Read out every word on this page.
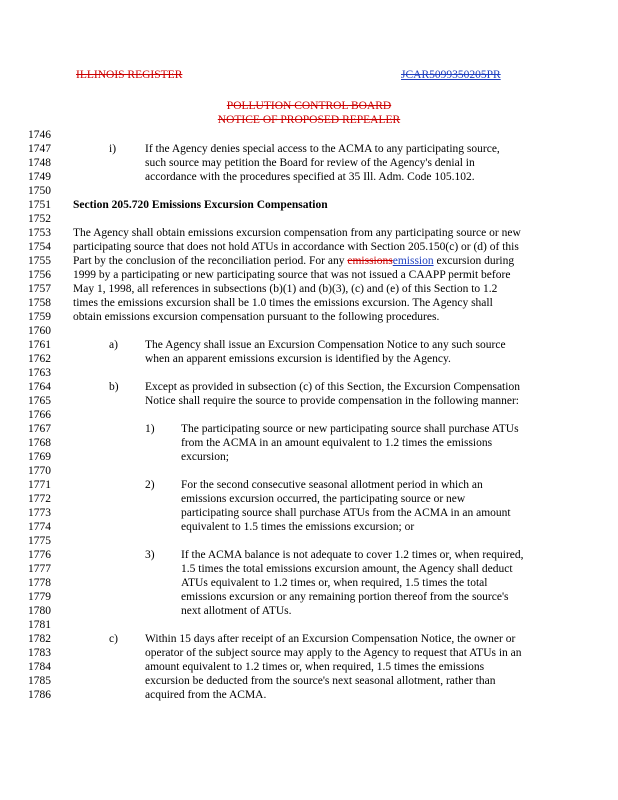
ILLINOIS REGISTER	JCAR5099350205PR
POLLUTION CONTROL BOARD
NOTICE OF PROPOSED REPEALER
1746
1747
1748
1749
1750
1751
1752
1753
1754
1755
1756
1757
1758
1759
1760
1761
1762
1763
1764
1765
1766
1767
1768
1769
1770
1771
1772
1773
1774
1775
1776
1777
1778
1779
1780
1781
1782
1783
1784
1785
1786
i)	If the Agency denies special access to the ACMA to any participating source,
such source may petition the Board for review of the Agency's denial in
accordance with the procedures specified at 35 Ill. Adm. Code 105.102.
Section 205.720 Emissions Excursion Compensation
The Agency shall obtain emissions excursion compensation from any participating source or new
participating source that does not hold ATUs in accordance with Section 205.150(c) or (d) of this
Part by the conclusion of the reconciliation period. For any emissionsemission excursion during
1999 by a participating or new participating source that was not issued a CAAPP permit before
May 1, 1998, all references in subsections (b)(1) and (b)(3), (c) and (e) of this Section to 1.2
times the emissions excursion shall be 1.0 times the emissions excursion. The Agency shall
obtain emissions excursion compensation pursuant to the following procedures.
a) The Agency shall issue an Excursion Compensation Notice to any such source
when an apparent emissions excursion is identified by the Agency.
b) Except as provided in subsection (c) of this Section, the Excursion Compensation
Notice shall require the source to provide compensation in the following manner:
1) The participating source or new participating source shall purchase ATUs
from the ACMA in an amount equivalent to 1.2 times the emissions
excursion;
2) For the second consecutive seasonal allotment period in which an
emissions excursion occurred, the participating source or new
participating source shall purchase ATUs from the ACMA in an amount
equivalent to 1.5 times the emissions excursion; or
3) If the ACMA balance is not adequate to cover 1.2 times or, when required,
1.5 times the total emissions excursion amount, the Agency shall deduct
ATUs equivalent to 1.2 times or, when required, 1.5 times the total
emissions excursion or any remaining portion thereof from the source's
next allotment of ATUs.
c) Within 15 days after receipt of an Excursion Compensation Notice, the owner or
operator of the subject source may apply to the Agency to request that ATUs in an
amount equivalent to 1.2 times or, when required, 1.5 times the emissions
excursion be deducted from the source's next seasonal allotment, rather than
acquired from the ACMA.
